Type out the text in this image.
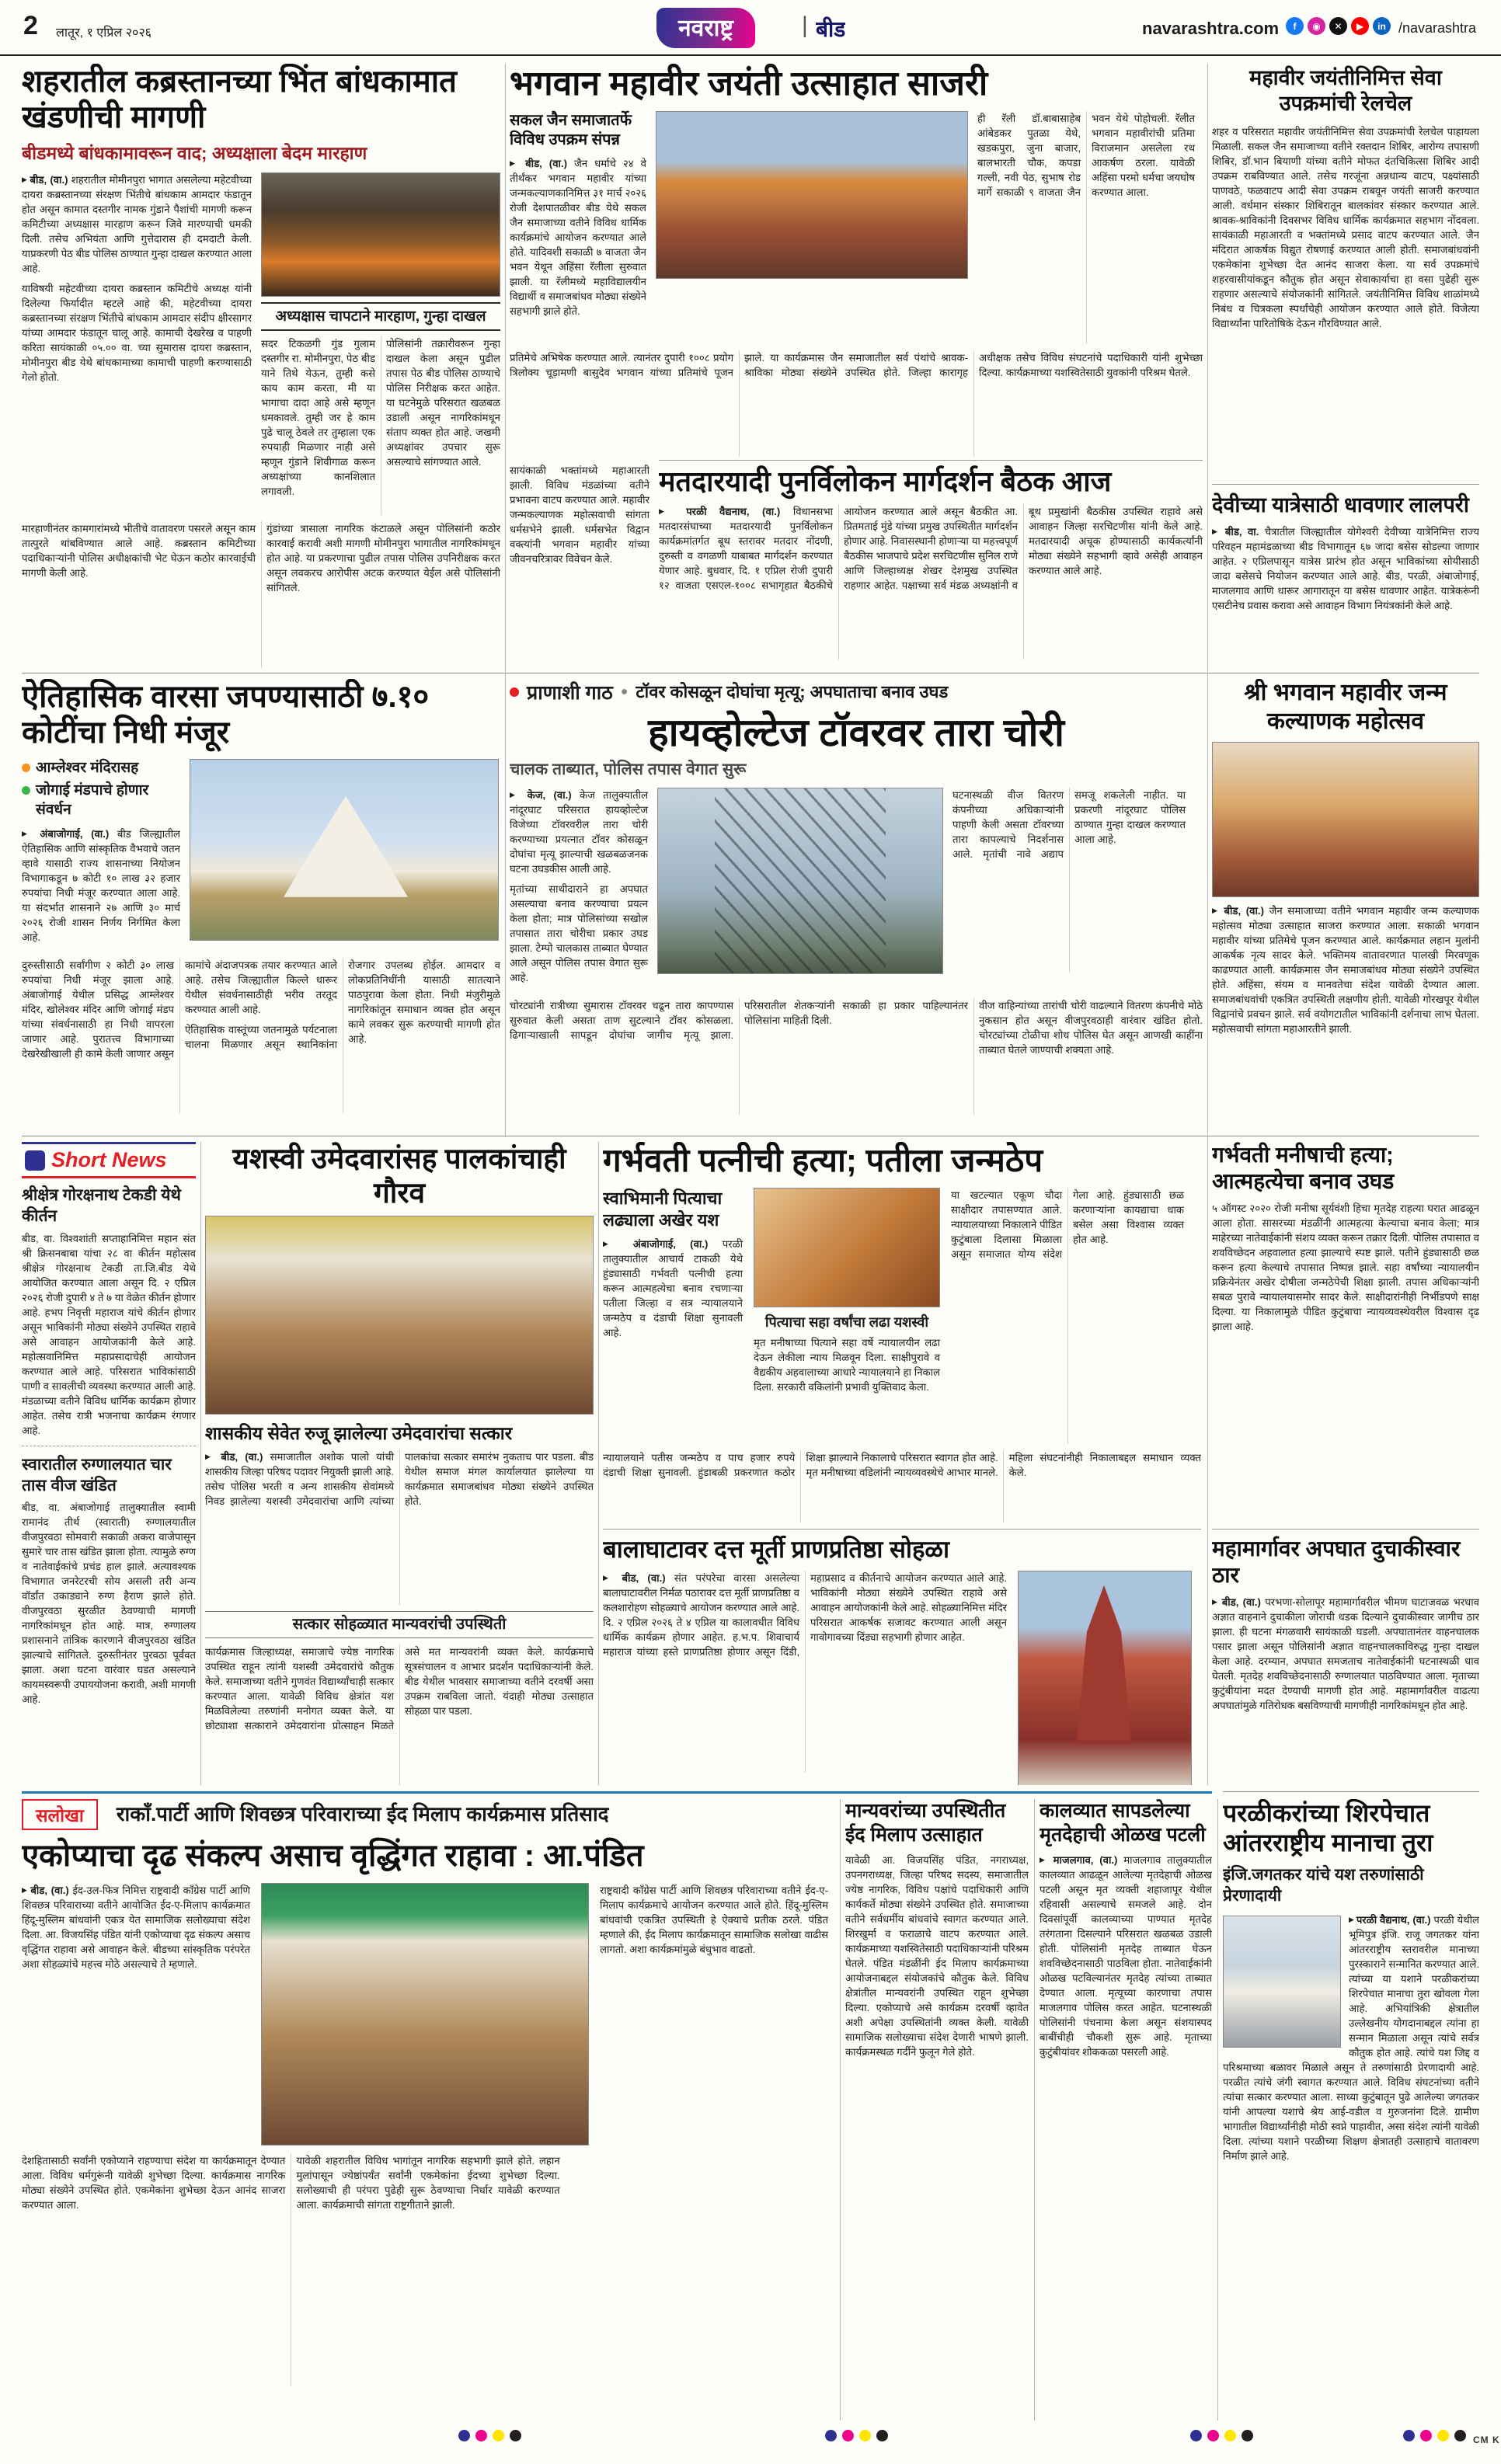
2 लातूर, १ एप्रिल २०२६	नवराष्ट्र	| बीड	navarashtra.com	f ◉ ✕ ▶ in /navarashtra
शहरातील कब्रस्तानच्या भिंत बांधकामात खंडणीची मागणी
बीडमध्ये बांधकामावरून वाद; अध्यक्षाला बेदम मारहाण

▶ बीड, (वा.) शहरातील मोमीनपुरा भागात असलेल्या महेटवीच्या दायरा कब्रस्तानच्या संरक्षण भिंतीचे बांधकाम आमदार फंडातून होत असून कामात दस्तगीर नामक गुंडाने पैशांची मागणी करून कमिटीच्या अध्यक्षास मारहाण करून जिवे मारण्याची धमकी दिली. तसेच अभियंता आणि गुत्तेदारास ही दमदाटी केली. याप्रकरणी पेठ बीड पोलिस ठाण्यात गुन्हा दाखल करण्यात आला आहे.

याविषयी महेटवीच्या दायरा कब्रस्तान कमिटीचे अध्यक्ष यांनी दिलेल्या फिर्यादीत म्हटले आहे की, महेटवीच्या दायरा कब्रस्तानच्या संरक्षण भिंतीचे बांधकाम आमदार संदीप क्षीरसागर यांच्या आमदार फंडातून चालू आहे. कामाची देखरेख व पाहणी करिता सायंकाळी ०५.०० वा. च्या सुमारास दायरा कब्रस्तान, मोमीनपुरा बीड येथे बांधकामाच्या कामाची पाहणी करण्यासाठी गेलो होतो.

अध्यक्षास चापटाने मारहाण, गुन्हा दाखल

सदर टिकळगी गुंड गुलाम दस्तगीर रा. मोमीनपुरा, पेठ बीड याने तिथे येऊन, तुम्ही कसे काय काम करता, मी या भागाचा दादा आहे असे म्हणून धमकावले. तुम्ही जर हे काम पुढे चालू ठेवले तर तुम्हाला एक रुपयाही मिळणार नाही असे म्हणून गुंडाने शिवीगाळ करून अध्यक्षांच्या कानशिलात लगावली.

पोलिसांनी तक्रारीवरून गुन्हा दाखल केला असून पुढील तपास पेठ बीड पोलिस ठाण्याचे पोलिस निरीक्षक करत आहेत. या घटनेमुळे परिसरात खळबळ उडाली असून नागरिकांमधून संताप व्यक्त होत आहे. जखमी अध्यक्षांवर उपचार सुरू असल्याचे सांगण्यात आले.

मारहाणीनंतर कामगारांमध्ये भीतीचे वातावरण पसरले असून काम तात्पुरते थांबविण्यात आले आहे. कब्रस्तान कमिटीच्या पदाधिकाऱ्यांनी पोलिस अधीक्षकांची भेट घेऊन कठोर कारवाईची मागणी केली आहे.

गुंडांच्या त्रासाला नागरिक कंटाळले असून पोलिसांनी कठोर कारवाई करावी अशी मागणी मोमीनपुरा भागातील नागरिकांमधून होत आहे. या प्रकरणाचा पुढील तपास पोलिस उपनिरीक्षक करत असून लवकरच आरोपीस अटक करण्यात येईल असे पोलिसांनी सांगितले.

भगवान महावीर जयंती उत्साहात साजरी
सकल जैन समाजातर्फे विविध उपक्रम संपन्न

▶ बीड, (वा.) जैन धर्माचे २४ वे तीर्थंकर भगवान महावीर यांच्या जन्मकल्याणकानिमित्त ३१ मार्च २०२६ रोजी देशपातळीवर बीड येथे सकल जैन समाजाच्या वतीने विविध धार्मिक कार्यक्रमांचे आयोजन करण्यात आले होते. यादिवशी सकाळी ७ वाजता जैन भवन येथून अहिंसा रॅलीला सुरुवात झाली. या रॅलीमध्ये महाविद्यालयीन विद्यार्थी व समाजबांधव मोठ्या संख्येने सहभागी झाले होते.

ही रॅली डॉ.बाबासाहेब आंबेडकर पुतळा येथे, खडकपुरा, जुना बाजार, बालभारती चौक, कपडा गल्ली, नवी पेठ, सुभाष रोड मार्गे सकाळी ९ वाजता जैन भवन येथे पोहोचली. रॅलीत भगवान महावीरांची प्रतिमा विराजमान असलेला रथ आकर्षण ठरला. यावेळी अहिंसा परमो धर्मचा जयघोष करण्यात आला.

प्रतिमेचे अभिषेक करण्यात आले. त्यानंतर दुपारी १००८ प्रयोग त्रिलोक्य चूड़ामणी बासुदेव भगवान यांच्या प्रतिमांचे पूजन झाले. या कार्यक्रमास जैन समाजातील सर्व पंथांचे श्रावक-श्राविका मोठ्या संख्येने उपस्थित होते. जिल्हा कारागृह अधीक्षक तसेच विविध संघटनांचे पदाधिकारी यांनी शुभेच्छा दिल्या. कार्यक्रमाच्या यशस्वितेसाठी युवकांनी परिश्रम घेतले.

सायंकाळी भक्तांमध्ये महाआरती झाली. विविध मंडळांच्या वतीने प्रभावना वाटप करण्यात आले. महावीर जन्मकल्याणक महोत्सवाची सांगता धर्मसभेने झाली. धर्मसभेत विद्वान वक्त्यांनी भगवान महावीर यांच्या जीवनचरित्रावर विवेचन केले.

मतदारयादी पुनर्विलोकन मार्गदर्शन बैठक आज

▶ परळी वैद्यनाथ, (वा.) विधानसभा मतदारसंघाच्या मतदारयादी पुनर्विलोकन कार्यक्रमांतर्गत बूथ स्तरावर मतदार नोंदणी, दुरुस्ती व वगळणी याबाबत मार्गदर्शन करण्यात येणार आहे. बुधवार, दि. १ एप्रिल रोजी दुपारी १२ वाजता एसएल-१००८ सभागृहात बैठकीचे आयोजन करण्यात आले असून बैठकीत आ. प्रितमताई मुंडे यांच्या प्रमुख उपस्थितीत मार्गदर्शन होणार आहे. निवासस्थानी होणाऱ्या या महत्त्वपूर्ण बैठकीस भाजपाचे प्रदेश सरचिटणीस सुनिल राणे आणि जिल्हाध्यक्ष शेखर देशमुख उपस्थित राहणार आहेत. पक्षाच्या सर्व मंडळ अध्यक्षांनी व बूथ प्रमुखांनी बैठकीस उपस्थित राहावे असे आवाहन जिल्हा सरचिटणीस यांनी केले आहे. मतदारयादी अचूक होण्यासाठी कार्यकर्त्यांनी मोठ्या संख्येने सहभागी व्हावे असेही आवाहन करण्यात आले आहे.

महावीर जयंतीनिमित्त सेवा उपक्रमांची रेलचेल
शहर व परिसरात महावीर जयंतीनिमित्त सेवा उपक्रमांची रेलचेल पाहायला मिळाली. सकल जैन समाजाच्या वतीने रक्तदान शिबिर, आरोग्य तपासणी शिबिर, डॉ.भान बियाणी यांच्या वतीने मोफत दंतचिकित्सा शिबिर आदी उपक्रम राबविण्यात आले. तसेच गरजूंना अन्नधान्य वाटप, पक्ष्यांसाठी पाणवठे, फळवाटप आदी सेवा उपक्रम राबवून जयंती साजरी करण्यात आली. वर्धमान संस्कार शिबिरातून बालकांवर संस्कार करण्यात आले. श्रावक-श्राविकांनी दिवसभर विविध धार्मिक कार्यक्रमात सहभाग नोंदवला. सायंकाळी महाआरती व भक्तांमध्ये प्रसाद वाटप करण्यात आले. जैन मंदिरात आकर्षक विद्युत रोषणाई करण्यात आली होती. समाजबांधवांनी एकमेकांना शुभेच्छा देत आनंद साजरा केला. या सर्व उपक्रमांचे शहरवासीयांकडून कौतुक होत असून सेवाकार्याचा हा वसा पुढेही सुरू राहणार असल्याचे संयोजकांनी सांगितले. जयंतीनिमित्त विविध शाळांमध्ये निबंध व चित्रकला स्पर्धांचेही आयोजन करण्यात आले होते. विजेत्या विद्यार्थ्यांना पारितोषिके देऊन गौरविण्यात आले.
देवीच्या यात्रेसाठी धावणार लालपरी

▶ बीड, वा. चैत्रातील जिल्ह्यातील योगेश्वरी देवीच्या यात्रेनिमित्त राज्य परिवहन महामंडळाच्या बीड विभागातून ६७ जादा बसेस सोडल्या जाणार आहेत. २ एप्रिलपासून यात्रेस प्रारंभ होत असून भाविकांच्या सोयीसाठी जादा बसेसचे नियोजन करण्यात आले आहे. बीड, परळी, अंबाजोगाई, माजलगाव आणि धारूर आगारातून या बसेस धावणार आहेत. यात्रेकरूंनी एसटीनेच प्रवास करावा असे आवाहन विभाग नियंत्रकांनी केले आहे.

ऐतिहासिक वारसा जपण्यासाठी ७.१० कोटींचा निधी मंजूर
आम्लेश्वर मंदिरासह
जोगाई मंडपाचे होणार संवर्धन

▶ अंबाजोगाई, (वा.) बीड जिल्ह्यातील ऐतिहासिक आणि सांस्कृतिक वैभवाचे जतन व्हावे यासाठी राज्य शासनाच्या नियोजन विभागाकडून ७ कोटी १० लाख ३२ हजार रुपयांचा निधी मंजूर करण्यात आला आहे. या संदर्भात शासनाने २७ आणि ३० मार्च २०२६ रोजी शासन निर्णय निर्गमित केला आहे.

दुरुस्तीसाठी सर्वांगीण २ कोटी ३० लाख रुपयांचा निधी मंजूर झाला आहे. अंबाजोगाई येथील प्रसिद्ध आम्लेश्वर मंदिर, खोलेश्वर मंदिर आणि जोगाई मंडप यांच्या संवर्धनासाठी हा निधी वापरला जाणार आहे. पुरातत्त्व विभागाच्या देखरेखीखाली ही कामे केली जाणार असून कामांचे अंदाजपत्रक तयार करण्यात आले आहे. तसेच जिल्ह्यातील किल्ले धारूर येथील संवर्धनासाठीही भरीव तरतूद करण्यात आली आहे.

ऐतिहासिक वास्तूंच्या जतनामुळे पर्यटनाला चालना मिळणार असून स्थानिकांना रोजगार उपलब्ध होईल. आमदार व लोकप्रतिनिधींनी यासाठी सातत्याने पाठपुरावा केला होता. निधी मंजुरीमुळे नागरिकांतून समाधान व्यक्त होत असून कामे लवकर सुरू करण्याची मागणी होत आहे.

प्राणाशी गाठ ● टॉवर कोसळून दोघांचा मृत्यू; अपघाताचा बनाव उघड
हायव्होल्टेज टॉवरवर तारा चोरी
चालक ताब्यात, पोलिस तपास वेगात सुरू

▶ केज, (वा.) केज तालुक्यातील नांदूरघाट परिसरात हायव्होल्टेज विजेच्या टॉवरवरील तारा चोरी करण्याच्या प्रयत्नात टॉवर कोसळून दोघांचा मृत्यू झाल्याची खळबळजनक घटना उघडकीस आली आहे.

मृतांच्या साथीदाराने हा अपघात असल्याचा बनाव करण्याचा प्रयत्न केला होता; मात्र पोलिसांच्या सखोल तपासात तारा चोरीचा प्रकार उघड झाला. टेम्पो चालकास ताब्यात घेण्यात आले असून पोलिस तपास वेगात सुरू आहे.

घटनास्थळी वीज वितरण कंपनीच्या अधिकाऱ्यांनी पाहणी केली असता टॉवरच्या तारा कापल्याचे निदर्शनास आले. मृतांची नावे अद्याप समजू शकलेली नाहीत. या प्रकरणी नांदूरघाट पोलिस ठाण्यात गुन्हा दाखल करण्यात आला आहे.

चोरट्यांनी रात्रीच्या सुमारास टॉवरवर चढून तारा कापण्यास सुरुवात केली असता ताण सुटल्याने टॉवर कोसळला. ढिगाऱ्याखाली सापडून दोघांचा जागीच मृत्यू झाला. परिसरातील शेतकऱ्यांनी सकाळी हा प्रकार पाहिल्यानंतर पोलिसांना माहिती दिली.

वीज वाहिन्यांच्या तारांची चोरी वाढल्याने वितरण कंपनीचे मोठे नुकसान होत असून वीजपुरवठाही वारंवार खंडित होतो. चोरट्यांच्या टोळीचा शोध पोलिस घेत असून आणखी काहींना ताब्यात घेतले जाण्याची शक्यता आहे.

श्री भगवान महावीर जन्म कल्याणक महोत्सव

▶ बीड, (वा.) जैन समाजाच्या वतीने भगवान महावीर जन्म कल्याणक महोत्सव मोठ्या उत्साहात साजरा करण्यात आला. सकाळी भगवान महावीर यांच्या प्रतिमेचे पूजन करण्यात आले. कार्यक्रमात लहान मुलांनी आकर्षक नृत्य सादर केले. भक्तिमय वातावरणात पालखी मिरवणूक काढण्यात आली. कार्यक्रमास जैन समाजबांधव मोठ्या संख्येने उपस्थित होते. अहिंसा, संयम व मानवतेचा संदेश यावेळी देण्यात आला. समाजबांधवांची एकत्रित उपस्थिती लक्षणीय होती. यावेळी गोरखपूर येथील विद्वानांचे प्रवचन झाले. सर्व वयोगटातील भाविकांनी दर्शनाचा लाभ घेतला. महोत्सवाची सांगता महाआरतीने झाली.

Short News
श्रीक्षेत्र गोरक्षनाथ टेकडी येथे कीर्तन
बीड, वा. विश्वशांती सप्ताहानिमित्त महान संत श्री क्रिसनबाबा यांचा २८ वा कीर्तन महोत्सव श्रीक्षेत्र गोरक्षनाथ टेकडी ता.जि.बीड येथे आयोजित करण्यात आला असून दि. २ एप्रिल २०२६ रोजी दुपारी ४ ते ७ या वेळेत कीर्तन होणार आहे. हभप निवृत्ती महाराज यांचे कीर्तन होणार असून भाविकांनी मोठ्या संख्येने उपस्थित राहावे असे आवाहन आयोजकांनी केले आहे. महोत्सवानिमित्त महाप्रसादाचेही आयोजन करण्यात आले आहे. परिसरात भाविकांसाठी पाणी व सावलीची व्यवस्था करण्यात आली आहे. मंडळाच्या वतीने विविध धार्मिक कार्यक्रम होणार आहेत. तसेच रात्री भजनाचा कार्यक्रम रंगणार आहे.
स्वारातील रुग्णालयात चार तास वीज खंडित
बीड, वा. अंबाजोगाई तालुक्यातील स्वामी रामानंद तीर्थ (स्वाराती) रुग्णालयातील वीजपुरवठा सोमवारी सकाळी अकरा वाजेपासून सुमारे चार तास खंडित झाला होता. त्यामुळे रुग्ण व नातेवाईकांचे प्रचंड हाल झाले. अत्यावश्यक विभागात जनरेटरची सोय असली तरी अन्य वॉर्डांत उकाड्याने रुग्ण हैराण झाले होते. वीजपुरवठा सुरळीत ठेवण्याची मागणी नागरिकांमधून होत आहे. मात्र, रुग्णालय प्रशासनाने तांत्रिक कारणाने वीजपुरवठा खंडित झाल्याचे सांगितले. दुरुस्तीनंतर पुरवठा पूर्ववत झाला. अशा घटना वारंवार घडत असल्याने कायमस्वरूपी उपाययोजना करावी, अशी मागणी आहे.
यशस्वी उमेदवारांसह पालकांचाही गौरव
शासकीय सेवेत रुजू झालेल्या उमेदवारांचा सत्कार

▶ बीड, (वा.) समाजातील अशोक पालो यांची शासकीय जिल्हा परिषद पदावर नियुक्ती झाली आहे. तसेच पोलिस भरती व अन्य शासकीय सेवांमध्ये निवड झालेल्या यशस्वी उमेदवारांचा आणि त्यांच्या पालकांचा सत्कार समारंभ नुकताच पार पडला. बीड येथील समाज मंगल कार्यालयात झालेल्या या कार्यक्रमात समाजबांधव मोठ्या संख्येने उपस्थित होते.

सत्कार सोहळ्यात मान्यवरांची उपस्थिती

कार्यक्रमास जिल्हाध्यक्ष, समाजाचे ज्येष्ठ नागरिक उपस्थित राहून त्यांनी यशस्वी उमेदवारांचे कौतुक केले. समाजाच्या वतीने गुणवंत विद्यार्थ्यांचाही सत्कार करण्यात आला. यावेळी विविध क्षेत्रांत यश मिळविलेल्या तरुणांनी मनोगत व्यक्त केले. या छोट्याशा सत्काराने उमेदवारांना प्रोत्साहन मिळते असे मत मान्यवरांनी व्यक्त केले. कार्यक्रमाचे सूत्रसंचालन व आभार प्रदर्शन पदाधिकाऱ्यांनी केले. बीड येथील भावसार समाजाच्या वतीने दरवर्षी असा उपक्रम राबविला जातो. यंदाही मोठ्या उत्साहात सोहळा पार पडला.

गर्भवती पत्नीची हत्या; पतीला जन्मठेप
स्वाभिमानी पित्याचा लढ्याला अखेर यश

▶ अंबाजोगाई, (वा.) परळी तालुक्यातील आचार्य टाकळी येथे हुंड्यासाठी गर्भवती पत्नीची हत्या करून आत्महत्येचा बनाव रचणाऱ्या पतीला जिल्हा व सत्र न्यायालयाने जन्मठेप व दंडाची शिक्षा सुनावली आहे.

पित्याचा सहा वर्षांचा लढा यशस्वी
मृत मनीषाच्या पित्याने सहा वर्षे न्यायालयीन लढा देऊन लेकीला न्याय मिळवून दिला. साक्षीपुरावे व वैद्यकीय अहवालाच्या आधारे न्यायालयाने हा निकाल दिला. सरकारी वकिलांनी प्रभावी युक्तिवाद केला.

या खटल्यात एकूण चौदा साक्षीदार तपासण्यात आले. न्यायालयाच्या निकालाने पीडित कुटुंबाला दिलासा मिळाला असून समाजात योग्य संदेश गेला आहे. हुंड्यासाठी छळ करणाऱ्यांना कायद्याचा धाक बसेल असा विश्वास व्यक्त होत आहे.

न्यायालयाने पतीस जन्मठेप व पाच हजार रुपये दंडाची शिक्षा सुनावली. हुंडाबळी प्रकरणात कठोर शिक्षा झाल्याने निकालाचे परिसरात स्वागत होत आहे. मृत मनीषाच्या वडिलांनी न्यायव्यवस्थेचे आभार मानले. महिला संघटनांनीही निकालाबद्दल समाधान व्यक्त केले.

गर्भवती मनीषाची हत्या; आत्महत्येचा बनाव उघड
५ ऑगस्ट २०२० रोजी मनीषा सूर्यवंशी हिचा मृतदेह राहत्या घरात आढळून आला होता. सासरच्या मंडळींनी आत्महत्या केल्याचा बनाव केला; मात्र माहेरच्या नातेवाईकांनी संशय व्यक्त करून तक्रार दिली. पोलिस तपासात व शवविच्छेदन अहवालात हत्या झाल्याचे स्पष्ट झाले. पतीने हुंड्यासाठी छळ करून हत्या केल्याचे तपासात निष्पन्न झाले. सहा वर्षांच्या न्यायालयीन प्रक्रियेनंतर अखेर दोषीला जन्मठेपेची शिक्षा झाली. तपास अधिकाऱ्यांनी सबळ पुरावे न्यायालयासमोर सादर केले. साक्षीदारांनीही निर्भीडपणे साक्ष दिल्या. या निकालामुळे पीडित कुटुंबाचा न्यायव्यवस्थेवरील विश्वास दृढ झाला आहे.
बालाघाटावर दत्त मूर्ती प्राणप्रतिष्ठा सोहळा

▶ बीड, (वा.) संत परंपरेचा वारसा असलेल्या बालाघाटावरील निर्मळ पठारावर दत्त मूर्ती प्राणप्रतिष्ठा व कलशारोहण सोहळ्याचे आयोजन करण्यात आले आहे. दि. २ एप्रिल २०२६ ते ४ एप्रिल या कालावधीत विविध धार्मिक कार्यक्रम होणार आहेत. ह.भ.प. शिवाचार्य महाराज यांच्या हस्ते प्राणप्रतिष्ठा होणार असून दिंडी, महाप्रसाद व कीर्तनाचे आयोजन करण्यात आले आहे. भाविकांनी मोठ्या संख्येने उपस्थित राहावे असे आवाहन आयोजकांनी केले आहे. सोहळ्यानिमित्त मंदिर परिसरात आकर्षक सजावट करण्यात आली असून गावोगावच्या दिंड्या सहभागी होणार आहेत.

महामार्गावर अपघात दुचाकीस्वार ठार

▶ बीड, (वा.) परभणा-सोलापूर महामार्गावरील भीमण घाटाजवळ भरधाव अज्ञात वाहनाने दुचाकीला जोराची धडक दिल्याने दुचाकीस्वार जागीच ठार झाला. ही घटना मंगळवारी सायंकाळी घडली. अपघातानंतर वाहनचालक पसार झाला असून पोलिसांनी अज्ञात वाहनचालकाविरुद्ध गुन्हा दाखल केला आहे. दरम्यान, अपघात समजताच नातेवाईकांनी घटनास्थळी धाव घेतली. मृतदेह शवविच्छेदनासाठी रुग्णालयात पाठविण्यात आला. मृताच्या कुटुंबीयांना मदत देण्याची मागणी होत आहे. महामार्गावरील वाढत्या अपघातांमुळे गतिरोधक बसविण्याची मागणीही नागरिकांमधून होत आहे.

सलोखा	राकाँ.पार्टी आणि शिवछत्र परिवाराच्या ईद मिलाप कार्यक्रमास प्रतिसाद
एकोप्याचा दृढ संकल्प असाच वृद्धिंगत राहावा : आ.पंडित

▶ बीड, (वा.) ईद-उल-फित्र निमित्त राष्ट्रवादी काँग्रेस पार्टी आणि शिवछत्र परिवाराच्या वतीने आयोजित ईद-ए-मिलाप कार्यक्रमात हिंदू-मुस्लिम बांधवांनी एकत्र येत सामाजिक सलोख्याचा संदेश दिला. आ. विजयसिंह पंडित यांनी एकोप्याचा दृढ संकल्प असाच वृद्धिंगत राहावा असे आवाहन केले. बीडच्या सांस्कृतिक परंपरेत अशा सोहळ्यांचे महत्त्व मोठे असल्याचे ते म्हणाले.

राष्ट्रवादी काँग्रेस पार्टी आणि शिवछत्र परिवाराच्या वतीने ईद-ए-मिलाप कार्यक्रमाचे आयोजन करण्यात आले होते. हिंदू-मुस्लिम बांधवांची एकत्रित उपस्थिती हे ऐक्याचे प्रतीक ठरले. पंडित म्हणाले की, ईद मिलाप कार्यक्रमातून सामाजिक सलोखा वाढीस लागतो. अशा कार्यक्रमांमुळे बंधुभाव वाढतो.

देशहितासाठी सर्वांनी एकोप्याने राहण्याचा संदेश या कार्यक्रमातून देण्यात आला. विविध धर्मगुरूंनी यावेळी शुभेच्छा दिल्या. कार्यक्रमास नागरिक मोठ्या संख्येने उपस्थित होते. एकमेकांना शुभेच्छा देऊन आनंद साजरा करण्यात आला.

यावेळी शहरातील विविध भागांतून नागरिक सहभागी झाले होते. लहान मुलांपासून ज्येष्ठांपर्यंत सर्वांनी एकमेकांना ईदच्या शुभेच्छा दिल्या. सलोख्याची ही परंपरा पुढेही सुरू ठेवण्याचा निर्धार यावेळी करण्यात आला. कार्यक्रमाची सांगता राष्ट्रगीताने झाली.

मान्यवरांच्या उपस्थितीत ईद मिलाप उत्साहात
यावेळी आ. विजयसिंह पंडित, नगराध्यक्ष, उपनगराध्यक्ष, जिल्हा परिषद सदस्य, समाजातील ज्येष्ठ नागरिक, विविध पक्षांचे पदाधिकारी आणि कार्यकर्ते मोठ्या संख्येने उपस्थित होते. समाजाच्या वतीने सर्वधर्मीय बांधवांचे स्वागत करण्यात आले. शिरखुर्मा व फराळाचे वाटप करण्यात आले. कार्यक्रमाच्या यशस्वितेसाठी पदाधिकाऱ्यांनी परिश्रम घेतले. पंडित मंडळींनी ईद मिलाप कार्यक्रमाच्या आयोजनाबद्दल संयोजकांचे कौतुक केले. विविध क्षेत्रांतील मान्यवरांनी उपस्थित राहून शुभेच्छा दिल्या. एकोप्याचे असे कार्यक्रम दरवर्षी व्हावेत अशी अपेक्षा उपस्थितांनी व्यक्त केली. यावेळी सामाजिक सलोख्याचा संदेश देणारी भाषणे झाली. कार्यक्रमस्थळ गर्दीने फुलून गेले होते.
कालव्यात सापडलेल्या मृतदेहाची ओळख पटली

▶ माजलगाव, (वा.) माजलगाव तालुक्यातील कालव्यात आढळून आलेल्या मृतदेहाची ओळख पटली असून मृत व्यक्ती शहाजापूर येथील रहिवासी असल्याचे समजले आहे. दोन दिवसांपूर्वी कालव्याच्या पाण्यात मृतदेह तरंगताना दिसल्याने परिसरात खळबळ उडाली होती. पोलिसांनी मृतदेह ताब्यात घेऊन शवविच्छेदनासाठी पाठविला होता. नातेवाईकांनी ओळख पटविल्यानंतर मृतदेह त्यांच्या ताब्यात देण्यात आला. मृत्यूच्या कारणाचा तपास माजलगाव पोलिस करत आहेत. घटनास्थळी पोलिसांनी पंचनामा केला असून संशयास्पद बाबींचीही चौकशी सुरू आहे. मृताच्या कुटुंबीयांवर शोककळा पसरली आहे.

परळीकरांच्या शिरपेचात आंतरराष्ट्रीय मानाचा तुरा
इंजि.जगतकर यांचे यश तरुणांसाठी प्रेरणादायी

▶ परळी वैद्यनाथ, (वा.) परळी येथील भूमिपुत्र इंजि. राजू जगतकर यांना आंतरराष्ट्रीय स्तरावरील मानाच्या पुरस्काराने सन्मानित करण्यात आले. त्यांच्या या यशाने परळीकरांच्या शिरपेचात मानाचा तुरा खोवला गेला आहे. अभियांत्रिकी क्षेत्रातील उल्लेखनीय योगदानाबद्दल त्यांना हा सन्मान मिळाला असून त्यांचे सर्वत्र कौतुक होत आहे. त्यांचे यश जिद्द व परिश्रमाच्या बळावर मिळाले असून ते तरुणांसाठी प्रेरणादायी आहे. परळीत त्यांचे जंगी स्वागत करण्यात आले. विविध संघटनांच्या वतीने त्यांचा सत्कार करण्यात आला. साध्या कुटुंबातून पुढे आलेल्या जगतकर यांनी आपल्या यशाचे श्रेय आई-वडील व गुरुजनांना दिले. ग्रामीण भागातील विद्यार्थ्यांनीही मोठी स्वप्ने पाहावीत, असा संदेश त्यांनी यावेळी दिला. त्यांच्या यशाने परळीच्या शिक्षण क्षेत्रातही उत्साहाचे वातावरण निर्माण झाले आहे.

CM K
